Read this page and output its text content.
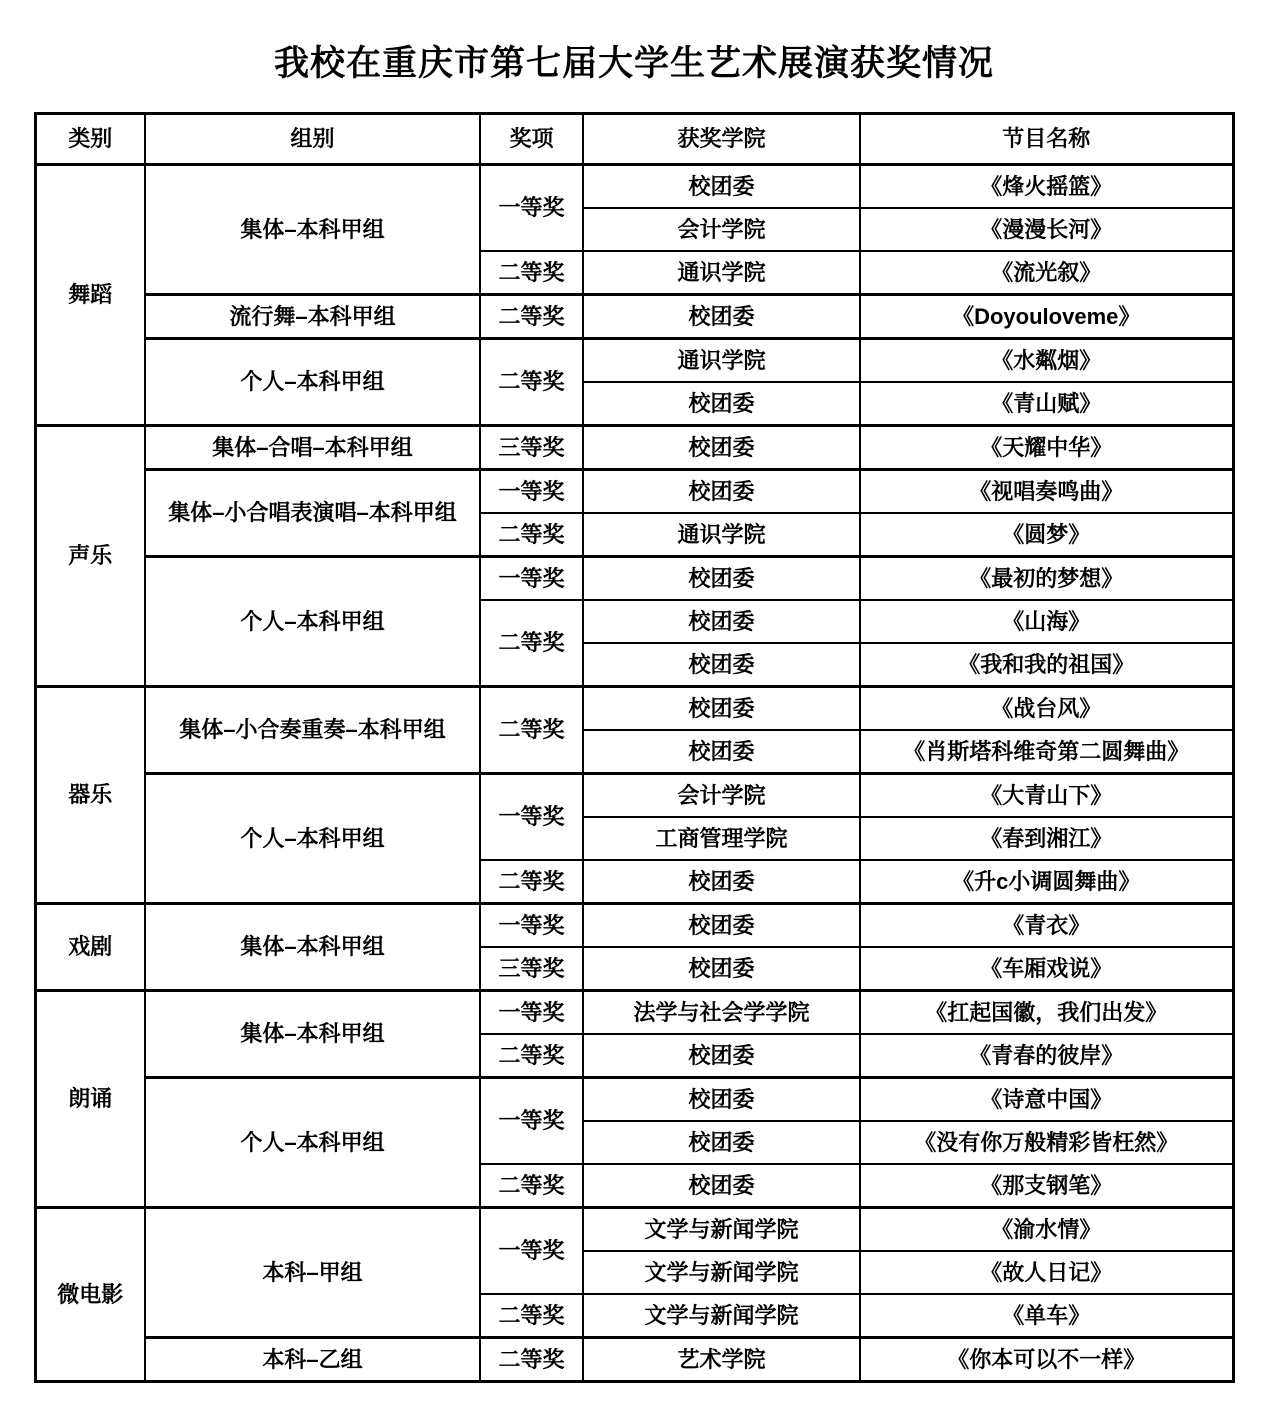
我校在重庆市第七届大学生艺术展演获奖情况
类别	组别	奖项	获奖学院	节目名称
舞蹈	集体–本科甲组	一等奖	校团委	《烽火摇篮》
			会计学院	《漫漫长河》
		二等奖	通识学院	《流光叙》
	流行舞–本科甲组	二等奖	校团委	《Doyouloveme》
	个人–本科甲组	二等奖	通识学院	《水粼烟》
			校团委	《青山赋》
声乐	集体–合唱–本科甲组	三等奖	校团委	《天耀中华》
	集体–小合唱表演唱–本科甲组	一等奖	校团委	《视唱奏鸣曲》
		二等奖	通识学院	《圆梦》
	个人–本科甲组	一等奖	校团委	《最初的梦想》
		二等奖	校团委	《山海》
			校团委	《我和我的祖国》
器乐	集体–小合奏重奏–本科甲组	二等奖	校团委	《战台风》
			校团委	《肖斯塔科维奇第二圆舞曲》
	个人–本科甲组	一等奖	会计学院	《大青山下》
			工商管理学院	《春到湘江》
		二等奖	校团委	《升c小调圆舞曲》
戏剧	集体–本科甲组	一等奖	校团委	《青衣》
		三等奖	校团委	《车厢戏说》
朗诵	集体–本科甲组	一等奖	法学与社会学学院	《扛起国徽，我们出发》
		二等奖	校团委	《青春的彼岸》
	个人–本科甲组	一等奖	校团委	《诗意中国》
			校团委	《没有你万般精彩皆枉然》
		二等奖	校团委	《那支钢笔》
微电影	本科–甲组	一等奖	文学与新闻学院	《渝水情》
			文学与新闻学院	《故人日记》
		二等奖	文学与新闻学院	《单车》
	本科–乙组	二等奖	艺术学院	《你本可以不一样》
